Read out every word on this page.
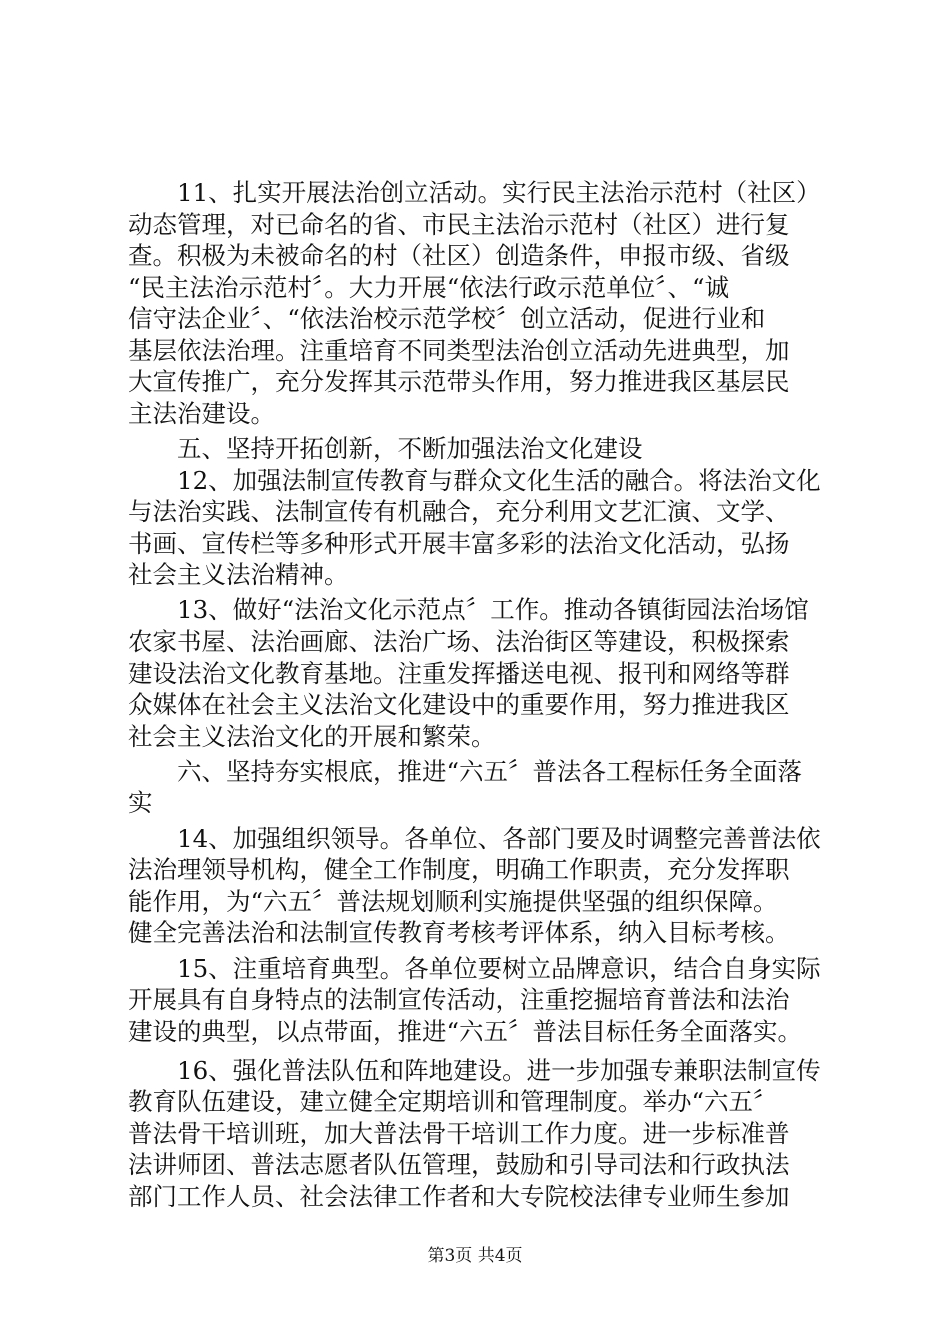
11、扎实开展法治创立活动。实行民主法治示范村（社区）
动态管理，对已命名的省、市民主法治示范村（社区）进行复
查。积极为未被命名的村（社区）创造条件，申报市级、省级
“民主法治示范村〞。大力开展“依法行政示范单位〞、“诚
信守法企业〞、“依法治校示范学校〞创立活动，促进行业和
基层依法治理。注重培育不同类型法治创立活动先进典型，加
大宣传推广，充分发挥其示范带头作用，努力推进我区基层民
主法治建设。
五、坚持开拓创新，不断加强法治文化建设
12、加强法制宣传教育与群众文化生活的融合。将法治文化
与法治实践、法制宣传有机融合，充分利用文艺汇演、文学、
书画、宣传栏等多种形式开展丰富多彩的法治文化活动，弘扬
社会主义法治精神。
13、做好“法治文化示范点〞工作。推动各镇街园法治场馆
农家书屋、法治画廊、法治广场、法治街区等建设，积极探索
建设法治文化教育基地。注重发挥播送电视、报刊和网络等群
众媒体在社会主义法治文化建设中的重要作用，努力推进我区
社会主义法治文化的开展和繁荣。
六、坚持夯实根底，推进“六五〞普法各工程标任务全面落
实
14、加强组织领导。各单位、各部门要及时调整完善普法依
法治理领导机构，健全工作制度，明确工作职责，充分发挥职
能作用，为“六五〞普法规划顺利实施提供坚强的组织保障。
健全完善法治和法制宣传教育考核考评体系，纳入目标考核。
15、注重培育典型。各单位要树立品牌意识，结合自身实际
开展具有自身特点的法制宣传活动，注重挖掘培育普法和法治
建设的典型，以点带面，推进“六五〞普法目标任务全面落实。
16、强化普法队伍和阵地建设。进一步加强专兼职法制宣传
教育队伍建设，建立健全定期培训和管理制度。举办“六五〞
普法骨干培训班，加大普法骨干培训工作力度。进一步标准普
法讲师团、普法志愿者队伍管理，鼓励和引导司法和行政执法
部门工作人员、社会法律工作者和大专院校法律专业师生参加
第3页 共4页
